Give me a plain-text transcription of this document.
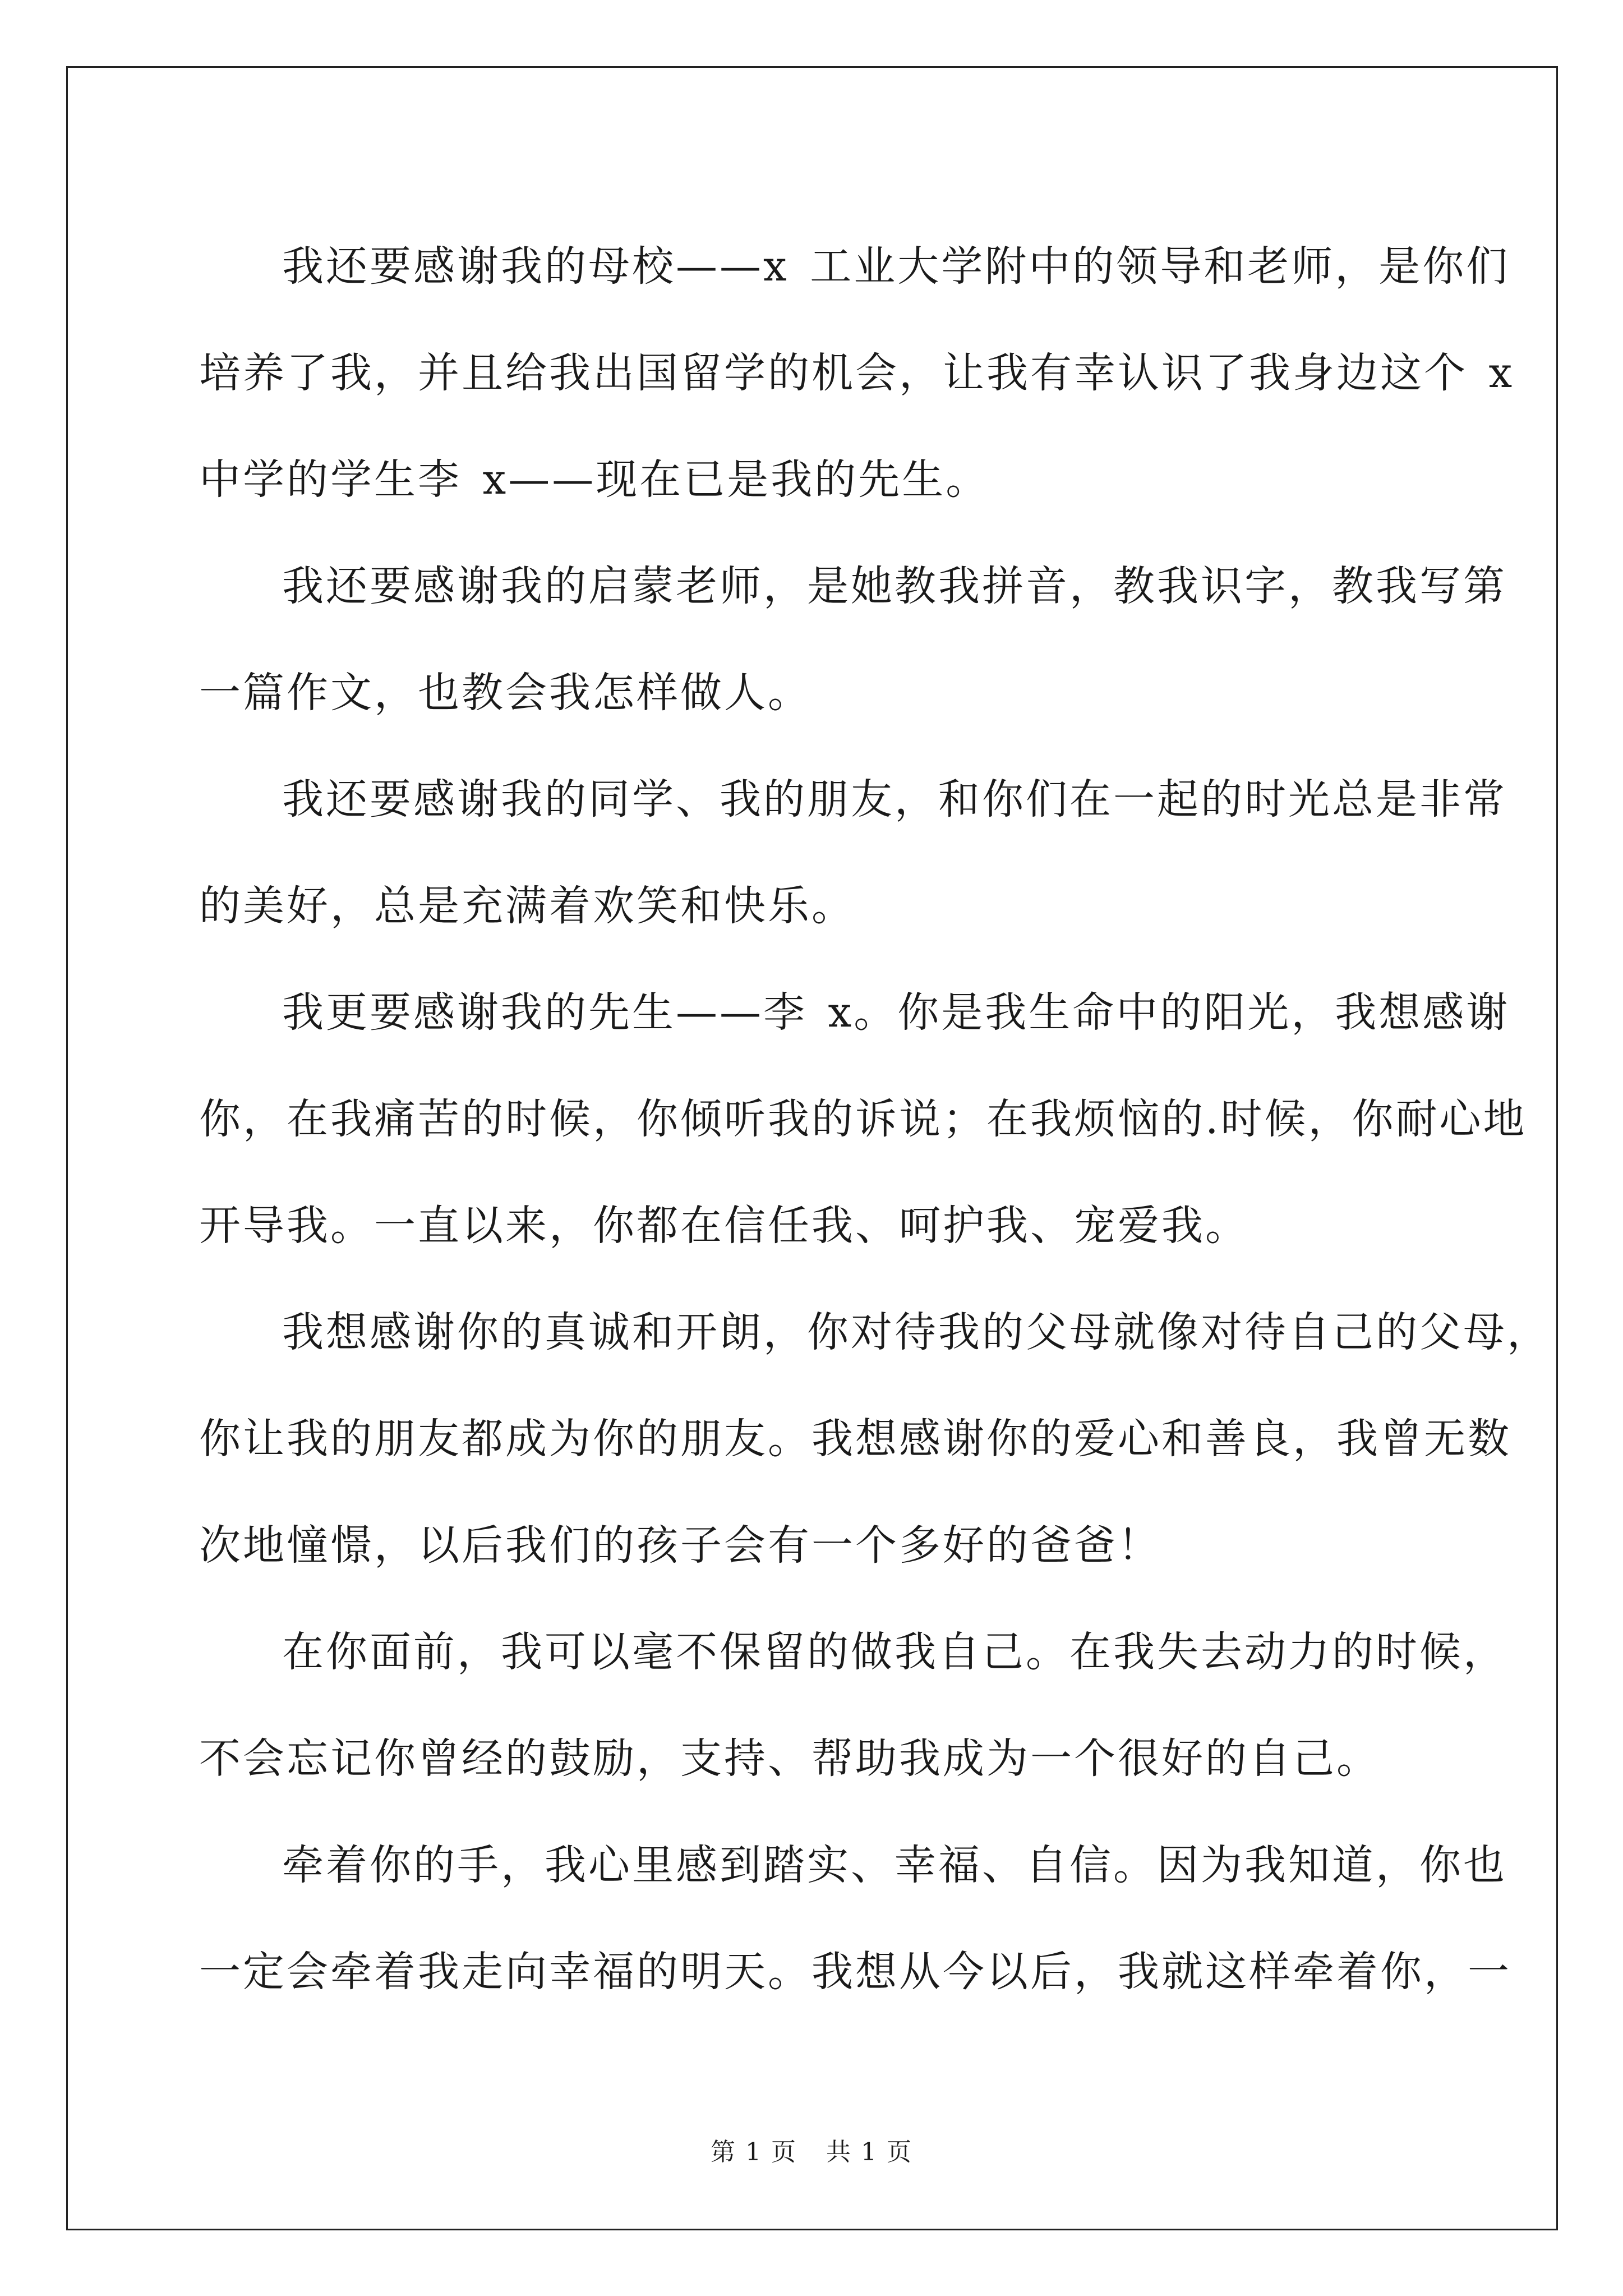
我还要感谢我的母校——x 工业大学附中的领导和老师，是你们
培养了我，并且给我出国留学的机会，让我有幸认识了我身边这个 x
中学的学生李 x——现在已是我的先生。
我还要感谢我的启蒙老师，是她教我拼音，教我识字，教我写第
一篇作文，也教会我怎样做人。
我还要感谢我的同学、我的朋友，和你们在一起的时光总是非常
的美好，总是充满着欢笑和快乐。
我更要感谢我的先生——李 x。你是我生命中的阳光，我想感谢
你，在我痛苦的时候，你倾听我的诉说；在我烦恼的.时候，你耐心地
开导我。一直以来，你都在信任我、呵护我、宠爱我。
我想感谢你的真诚和开朗，你对待我的父母就像对待自己的父母，
你让我的朋友都成为你的朋友。我想感谢你的爱心和善良，我曾无数
次地憧憬，以后我们的孩子会有一个多好的爸爸！
在你面前，我可以毫不保留的做我自己。在我失去动力的时候，
不会忘记你曾经的鼓励，支持、帮助我成为一个很好的自己。
牵着你的手，我心里感到踏实、幸福、自信。因为我知道，你也
一定会牵着我走向幸福的明天。我想从今以后，我就这样牵着你，一
第 1 页 共 1 页
